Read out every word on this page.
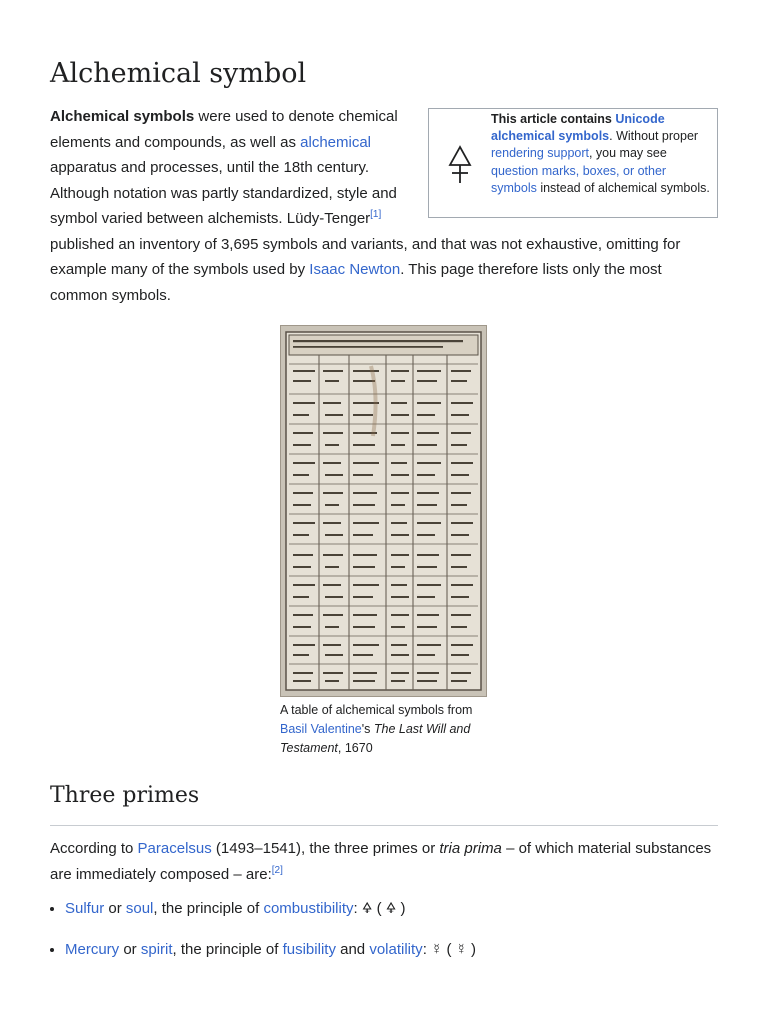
Alchemical symbol
This article contains Unicode alchemical symbols. Without proper rendering support, you may see question marks, boxes, or other symbols instead of alchemical symbols.

Alchemical symbols were used to denote chemical elements and compounds, as well as alchemical apparatus and processes, until the 18th century. Although notation was partly standardized, style and symbol varied between alchemists. Lüdy-Tenger[1] published an inventory of 3,695 symbols and variants, and that was not exhaustive, omitting for example many of the symbols used by Isaac Newton. This page therefore lists only the most common symbols.

A table of alchemical symbols from Basil Valentine's The Last Will and Testament, 1670
Three primes

According to Paracelsus (1493–1541), the three primes or tria prima – of which material substances are immediately composed – are:[2]

• Sulfur or soul, the principle of combustibility: 🜍 ( 🜍 )
• Mercury or spirit, the principle of fusibility and volatility: ☿ ( ☿ )
